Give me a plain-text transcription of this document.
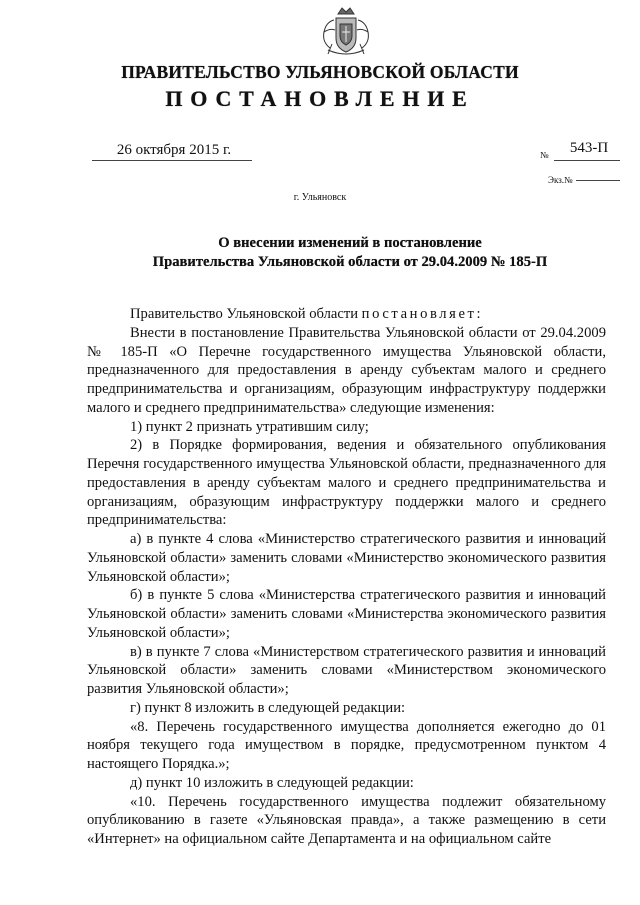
ПРАВИТЕЛЬСТВО УЛЬЯНОВСКОЙ ОБЛАСТИ
ПОСТАНОВЛЕНИЕ
26 октября 2015 г.	№	543-П
Экз.№
г. Ульяновск
О внесении изменений в постановление
Правительства Ульяновской области от 29.04.2009 № 185-П

Правительство Ульяновской области постановляет:

Внести в постановление Правительства Ульяновской области от 29.04.2009 № 185-П «О Перечне государственного имущества Ульяновской области, предназначенного для предоставления в аренду субъектам малого и среднего предпринимательства и организациям, образующим инфраструктуру поддержки малого и среднего предпринимательства» следующие изменения:

1) пункт 2 признать утратившим силу;

2) в Порядке формирования, ведения и обязательного опубликования Перечня государственного имущества Ульяновской области, предназначенного для предоставления в аренду субъектам малого и среднего предпринимательства и организациям, образующим инфраструктуру поддержки малого и среднего предпринимательства:

а) в пункте 4 слова «Министерство стратегического развития и инноваций Ульяновской области» заменить словами «Министерство экономического развития Ульяновской области»;

б) в пункте 5 слова «Министерства стратегического развития и инноваций Ульяновской области» заменить словами «Министерства экономического развития Ульяновской области»;

в) в пункте 7 слова «Министерством стратегического развития и инноваций Ульяновской области» заменить словами «Министерством экономического развития Ульяновской области»;

г) пункт 8 изложить в следующей редакции:

«8. Перечень государственного имущества дополняется ежегодно до 01 ноября текущего года имуществом в порядке, предусмотренном пунктом 4 настоящего Порядка.»;

д) пункт 10 изложить в следующей редакции:

«10. Перечень государственного имущества подлежит обязательному опубликованию в газете «Ульяновская правда», а также размещению в сети «Интернет» на официальном сайте Департамента и на официальном сайте
